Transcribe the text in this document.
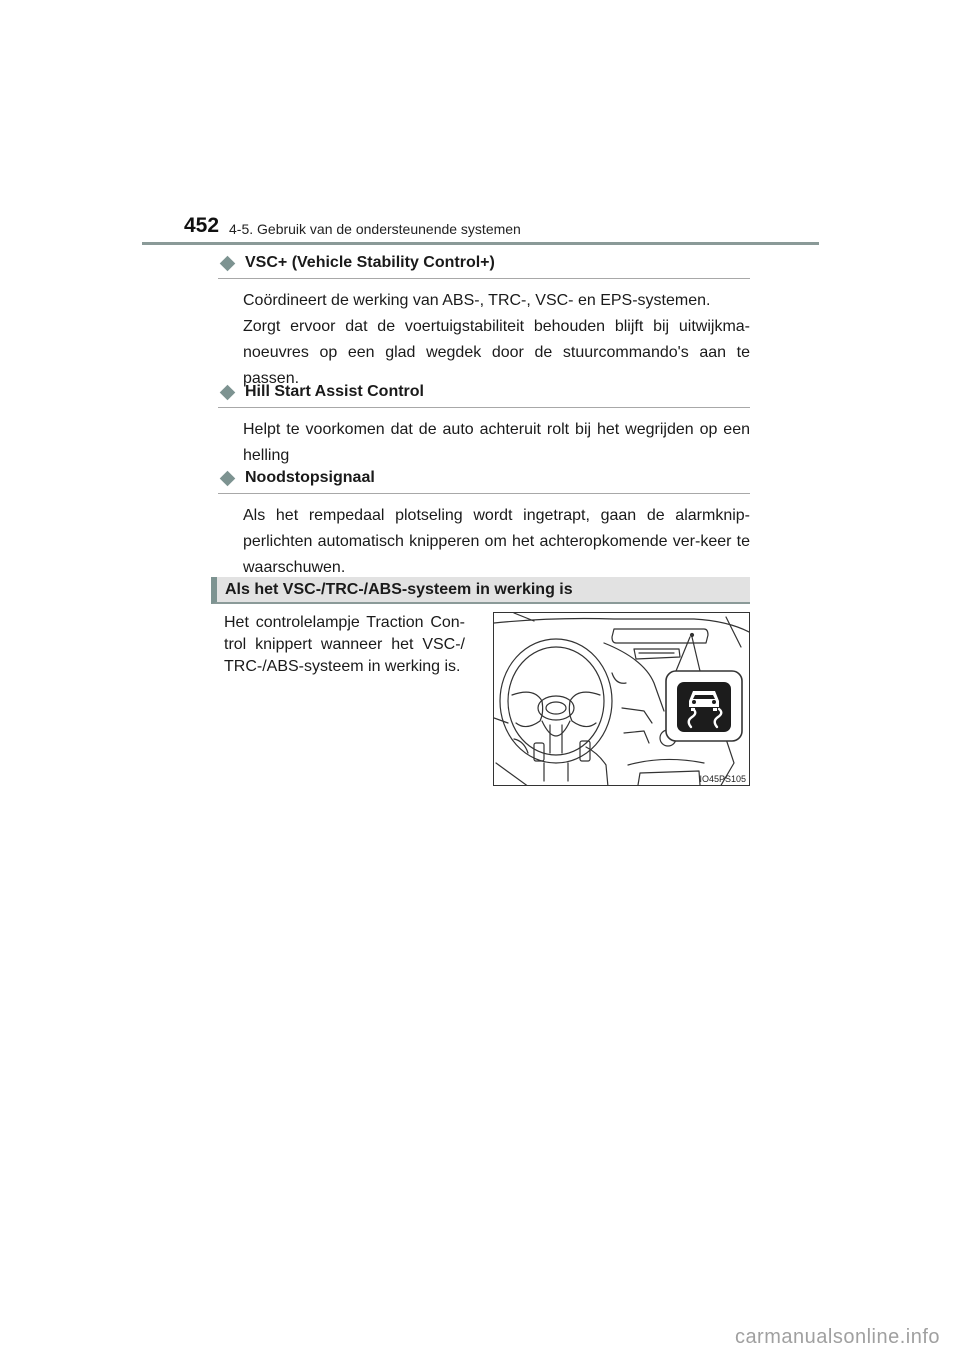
452 4-5. Gebruik van de ondersteunende systemen
VSC+ (Vehicle Stability Control+)

Coördineert de werking van ABS-, TRC-, VSC- en EPS-systemen.

Zorgt ervoor dat de voertuigstabiliteit behouden blijft bij uitwijkma-noeuvres op een glad wegdek door de stuurcommando's aan te passen.

Hill Start Assist Control

Helpt te voorkomen dat de auto achteruit rolt bij het wegrijden op een helling

Noodstopsignaal

Als het rempedaal plotseling wordt ingetrapt, gaan de alarmknip-perlichten automatisch knipperen om het achteropkomende ver-keer te waarschuwen.

Als het VSC-/TRC-/ABS-systeem in werking is
Het controlelampje Traction Con-trol knippert wanneer het VSC-/ TRC-/ABS-systeem in werking is.
IO45PS105
carmanualsonline.info
